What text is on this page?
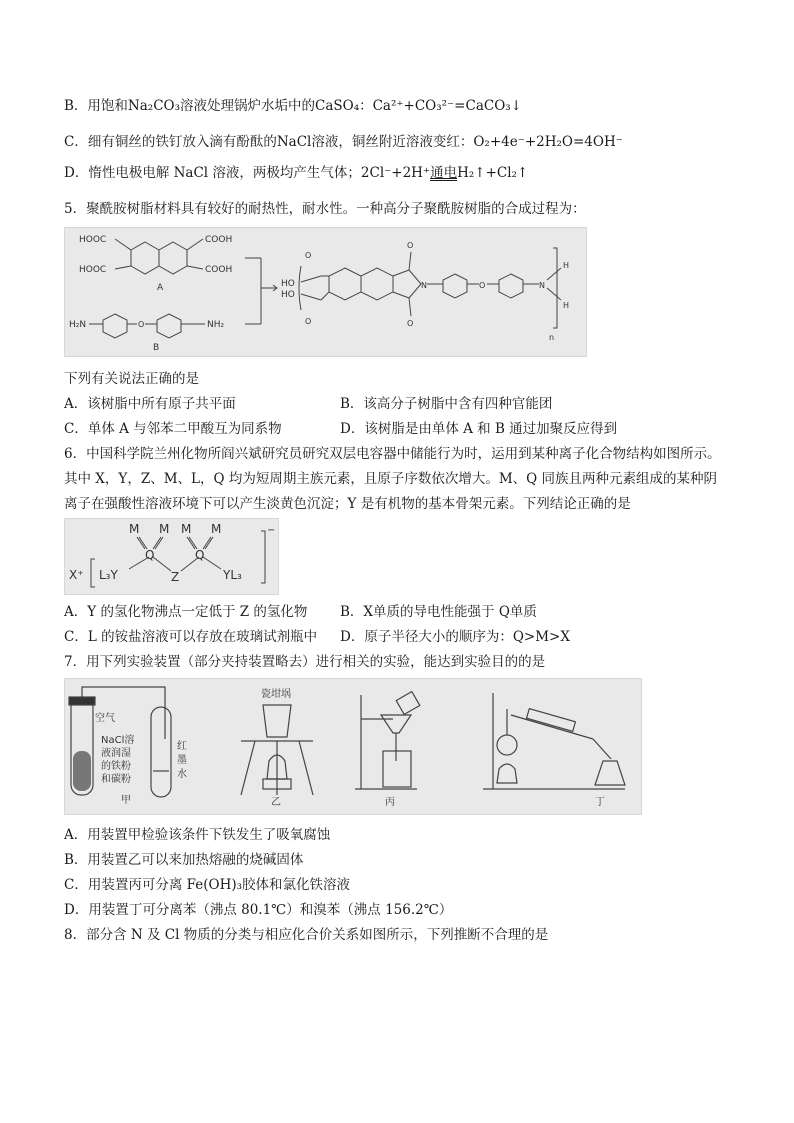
B．用饱和Na₂CO₃溶液处理锅炉水垢中的CaSO₄：Ca²⁺+CO₃²⁻=CaCO₃↓
C．细有铜丝的铁钉放入滴有酚酞的NaCl溶液，铜丝附近溶液变红：O₂+4e⁻+2H₂O=4OH⁻
D．惰性电极电解 NaCl 溶液，两极均产生气体；2Cl⁻+2H⁺通电H₂↑+Cl₂↑
5．聚酰胺树脂材料具有较好的耐热性，耐水性。一种高分子聚酰胺树脂的合成过程为：
HOOC	COOH
HOOC	COOH
A
H₂N	O	NH₂
B
HO
HO
O
O
O
O
N	O	N
H
H
n
下列有关说法正确的是
A．该树脂中所有原子共平面	B．该高分子树脂中含有四种官能团
C．单体 A 与邻苯二甲酸互为同系物	D．该树脂是由单体 A 和 B 通过加聚反应得到
6．中国科学院兰州化物所阎兴斌研究员研究双层电容器中储能行为时，运用到某种离子化合物结构如图所示。
其中 X，Y，Z、M、L，Q 均为短周期主族元素，且原子序数依次增大。M、Q 同族且两种元素组成的某种阴
离子在强酸性溶液环境下可以产生淡黄色沉淀；Y 是有机物的基本骨架元素。下列结论正确的是
X⁺ L₃Y
Q	Q
Z	YL₃
M M M M	−
A．Y 的氢化物沸点一定低于 Z 的氢化物 B．X单质的导电性能强于 Q单质
C．L 的铵盐溶液可以存放在玻璃试剂瓶中 D．原子半径大小的顺序为：Q>M>X
7．用下列实验装置（部分夹持装置略去）进行相关的实验，能达到实验目的的是
空气
NaCl溶
液润湿
的铁粉
和碳粉
红
墨
水
甲
瓷坩埚
乙	丙	丁
A．用装置甲检验该条件下铁发生了吸氧腐蚀
B．用装置乙可以来加热熔融的烧碱固体
C．用装置丙可分离 Fe(OH)₃胶体和氯化铁溶液
D．用装置丁可分离苯（沸点 80.1℃）和溴苯（沸点 156.2℃）
8．部分含 N 及 Cl 物质的分类与相应化合价关系如图所示，下列推断不合理的是
